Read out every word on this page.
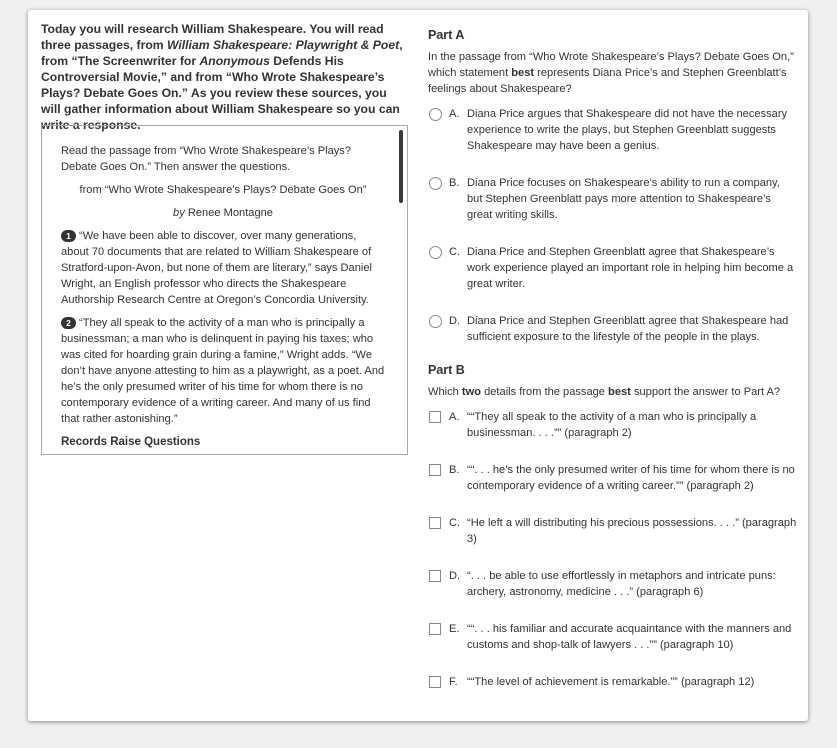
Today you will research William Shakespeare. You will read three passages, from William Shakespeare: Playwright & Poet, from “The Screenwriter for Anonymous Defends His Controversial Movie,” and from “Who Wrote Shakespeare’s Plays? Debate Goes On.” As you review these sources, you will gather information about William Shakespeare so you can write a response.

Read the passage from “Who Wrote Shakespeare’s Plays? Debate Goes On.” Then answer the questions.

from “Who Wrote Shakespeare’s Plays? Debate Goes On”

by Renee Montagne

1 “We have been able to discover, over many generations, about 70 documents that are related to William Shakespeare of Stratford-upon-Avon, but none of them are literary,” says Daniel Wright, an English professor who directs the Shakespeare Authorship Research Centre at Oregon’s Concordia University.

2 “They all speak to the activity of a man who is principally a businessman; a man who is delinquent in paying his taxes; who was cited for hoarding grain during a famine,” Wright adds. “We don’t have anyone attesting to him as a playwright, as a poet. And he’s the only presumed writer of his time for whom there is no contemporary evidence of a writing career. And many of us find that rather astonishing.”

Records Raise Questions
Part A
In the passage from “Who Wrote Shakespeare’s Plays? Debate Goes On,” which statement best represents Diana Price’s and Stephen Greenblatt’s feelings about Shakespeare?
A. Diana Price argues that Shakespeare did not have the necessary experience to write the plays, but Stephen Greenblatt suggests Shakespeare may have been a genius.
B. Diana Price focuses on Shakespeare’s ability to run a company, but Stephen Greenblatt pays more attention to Shakespeare’s great writing skills.
C. Diana Price and Stephen Greenblatt agree that Shakespeare’s work experience played an important role in helping him become a great writer.
D. Diana Price and Stephen Greenblatt agree that Shakespeare had sufficient exposure to the lifestyle of the people in the plays.
Part B
Which two details from the passage best support the answer to Part A?
A. ““They all speak to the activity of a man who is principally a businessman. . . .”” (paragraph 2)
B. ““. . . he’s the only presumed writer of his time for whom there is no contemporary evidence of a writing career.”” (paragraph 2)
C. “He left a will distributing his precious possessions. . . .” (paragraph 3)
D. “. . . be able to use effortlessly in metaphors and intricate puns: archery, astronomy, medicine . . .” (paragraph 6)
E. ““. . . his familiar and accurate acquaintance with the manners and customs and shop-talk of lawyers . . .”” (paragraph 10)
F. ““The level of achievement is remarkable.”” (paragraph 12)
